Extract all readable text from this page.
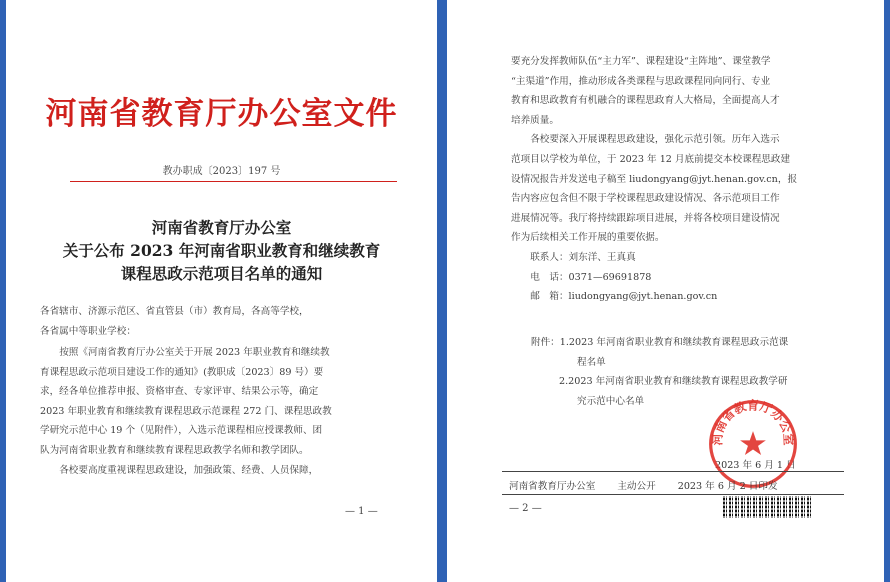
河南省教育厅办公室文件
教办职成〔2023〕197 号
河南省教育厅办公室
关于公布 2023 年河南省职业教育和继续教育
课程思政示范项目名单的通知

各省辖市、济源示范区、省直管县（市）教育局，各高等学校，

各省属中等职业学校：

按照《河南省教育厅办公室关于开展 2023 年职业教育和继续教

育课程思政示范项目建设工作的通知》(教职成〔2023〕89 号）要

求，经各单位推荐申报、资格审查、专家评审、结果公示等，确定

2023 年职业教育和继续教育课程思政示范课程 272 门、课程思政教

学研究示范中心 19 个（见附件），入选示范课程相应授课教师、团

队为河南省职业教育和继续教育课程思政教学名师和教学团队。

各校要高度重视课程思政建设，加强政策、经费、人员保障，

— 1 —

要充分发挥教师队伍“主力军”、课程建设“主阵地”、课堂教学

“主渠道”作用，推动形成各类课程与思政课程同向同行、专业

教育和思政教育有机融合的课程思政育人大格局，全面提高人才

培养质量。

各校要深入开展课程思政建设，强化示范引领。历年入选示

范项目以学校为单位，于 2023 年 12 月底前提交本校课程思政建

设情况报告并发送电子稿至 liudongyang@jyt.henan.gov.cn，报

告内容应包含但不限于学校课程思政建设情况、各示范项目工作

进展情况等。我厅将持续跟踪项目进展，并将各校项目建设情况

作为后续相关工作开展的重要依据。

联系人：刘东洋、王真真

电　话：0371—69691878

邮　箱：liudongyang@jyt.henan.gov.cn

附件：1.2023 年河南省职业教育和继续教育课程思政示范课

程名单

2.2023 年河南省职业教育和继续教育课程思政教学研

究示范中心名单

2023 年 6 月 1 日
河南省教育厅办公室
河南省教育厅办公室 主动公开 2023 年 6 月 2 日印发
— 2 —
